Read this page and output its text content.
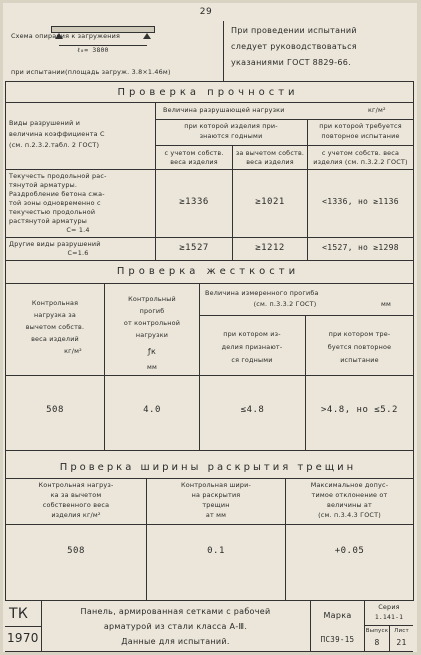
29
ℓ₀= 3800
Схема опирания к загружения
при испытании(площадь загруж. 3.8×1.46м)
При проведении испытаний
следует руководствоваться
указаниями ГОСТ 8829-66.
Проверка прочности
Виды разрушений и
величина коэффициента С
(см. п.2.3.2.табл. 2 ГОСТ)
Величина разрушающей нагрузки	кг/м²
при которой изделия при-
знаются годными
при которой требуется
повторное испытание
с учетом собств.
веса изделия
за вычетом собств.
веса изделия
с учетом собств. веса
изделия (см. п.3.2.2 ГОСТ)
Текучесть продольной рас-
тянутой арматуры.
Раздробление бетона сжа-
той зоны одновременно с
текучестью продольной
растянутой арматуры
С= 1.4
≥1336	≥1021	<1336, но ≥1136
Другие виды разрушений
С=1.6	≥1527	≥1212	<1527, но ≥1298
Проверка жесткости
Контрольная
нагрузка за
вычетом собств.
веса изделий
кг/м²
Контрольный
прогиб
от контрольной
нагрузки
ƒк
мм
Величина измеренного прогиба
(см. п.3.3.2 ГОСТ)	мм
при котором из-
делия признают-
ся годными
при котором тре-
буется повторное
испытание
508	4.0	≤4.8	>4.8, но ≤5.2
Проверка ширины раскрытия трещин
Контрольная нагруз-
ка за вычетом
собственного веса
изделия кг/м²
Контрольная шири-
на раскрытия
трещин
ат мм
Максимальное допус-
тимое отклонение от
величины ат
(см. п.3.4.3 ГОСТ)
508	0.1	+0.05
ТК
1970
Панель, армированная сетками с рабочей
арматурой из стали класса А-Ⅲ.
Данные для испытаний.
Марка
ПС39-15
Серия
1.141-1
Выпуск
8
Лист
21
